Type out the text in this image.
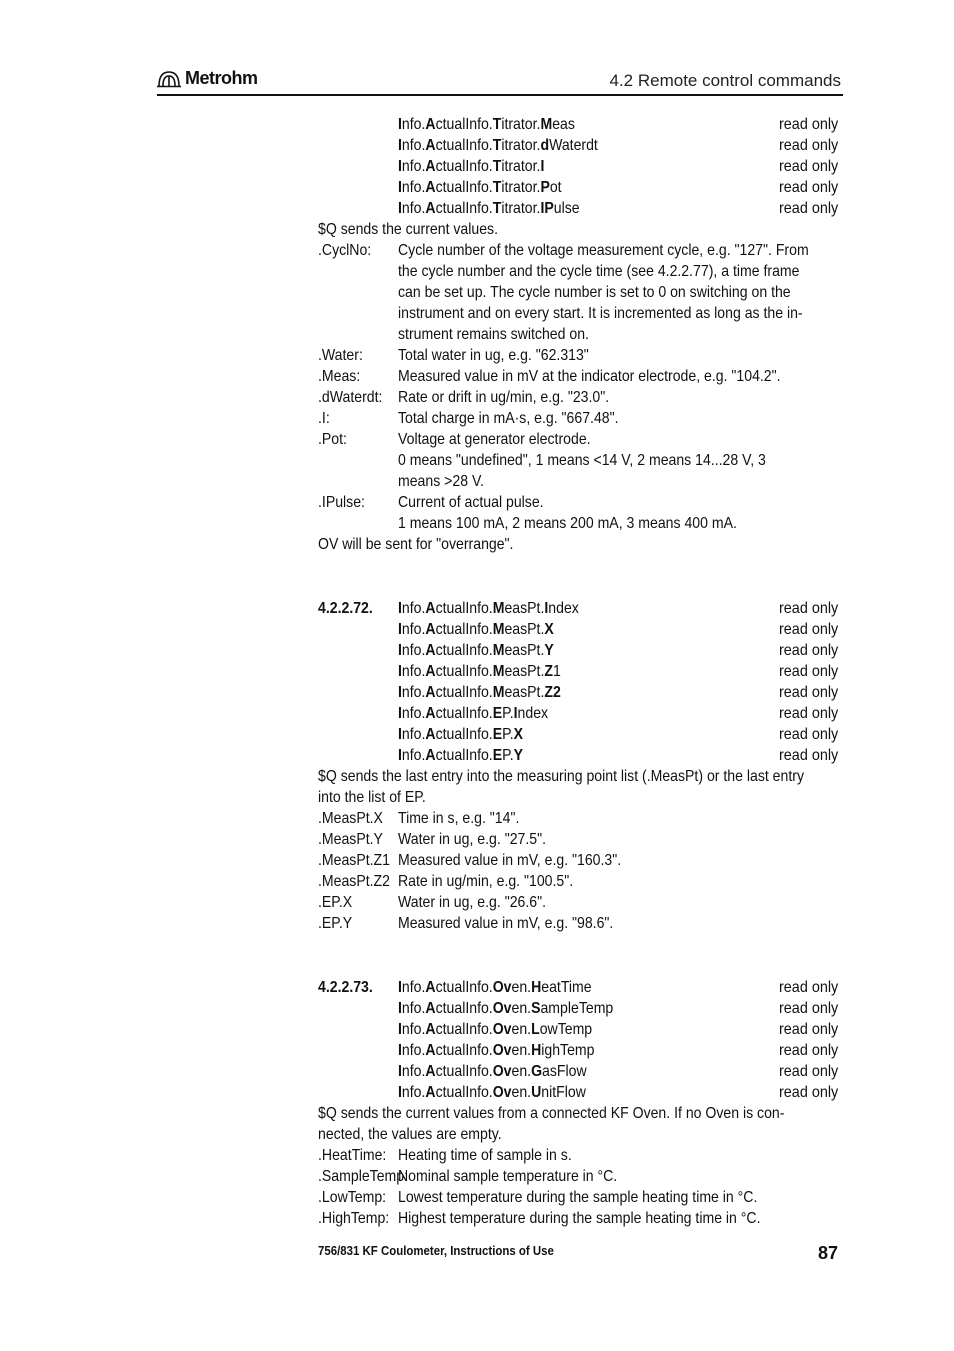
Metrohm	4.2 Remote control commands
Info.ActualInfo.Titrator.Meas	read only
Info.ActualInfo.Titrator.dWaterdt	read only
Info.ActualInfo.Titrator.I	read only
Info.ActualInfo.Titrator.Pot	read only
Info.ActualInfo.Titrator.IPulse	read only
$Q sends the current values.
.CyclNo: Cycle number of the voltage measurement cycle, e.g. "127". From
the cycle number and the cycle time (see 4.2.2.77), a time frame
can be set up. The cycle number is set to 0 on switching on the
instrument and on every start. It is incremented as long as the in-
strument remains switched on.
.Water: Total water in ug, e.g. "62.313"
.Meas: Measured value in mV at the indicator electrode, e.g. "104.2".
.dWaterdt: Rate or drift in ug/min, e.g. "23.0".
.I:	Total charge in mA·s, e.g. "667.48".
.Pot:	Voltage at generator electrode.
0 means "undefined", 1 means <14 V, 2 means 14...28 V, 3
means >28 V.
.IPulse: Current of actual pulse.
1 means 100 mA, 2 means 200 mA, 3 means 400 mA.
OV will be sent for "overrange".
4.2.2.72. Info.ActualInfo.MeasPt.Index	read only
Info.ActualInfo.MeasPt.X	read only
Info.ActualInfo.MeasPt.Y	read only
Info.ActualInfo.MeasPt.Z1	read only
Info.ActualInfo.MeasPt.Z2	read only
Info.ActualInfo.EP.Index	read only
Info.ActualInfo.EP.X	read only
Info.ActualInfo.EP.Y	read only
$Q sends the last entry into the measuring point list (.MeasPt) or the last entry
into the list of EP.
.MeasPt.X Time in s, e.g. "14".
.MeasPt.Y Water in ug, e.g. "27.5".
.MeasPt.Z1 Measured value in mV, e.g. "160.3".
.MeasPt.Z2 Rate in ug/min, e.g. "100.5".
.EP.X	Water in ug, e.g. "26.6".
.EP.Y	Measured value in mV, e.g. "98.6".
4.2.2.73. Info.ActualInfo.Oven.HeatTime	read only
Info.ActualInfo.Oven.SampleTemp	read only
Info.ActualInfo.Oven.LowTemp	read only
Info.ActualInfo.Oven.HighTemp	read only
Info.ActualInfo.Oven.GasFlow	read only
Info.ActualInfo.Oven.UnitFlow	read only
$Q sends the current values from a connected KF Oven. If no Oven is con-
nected, the values are empty.
.HeatTime: Heating time of sample in s.
.SampleTemp:
Nominal sample temperature in °C.
.LowTemp: Lowest temperature during the sample heating time in °C.
.HighTemp: Highest temperature during the sample heating time in °C.
756/831 KF Coulometer, Instructions of Use	87
